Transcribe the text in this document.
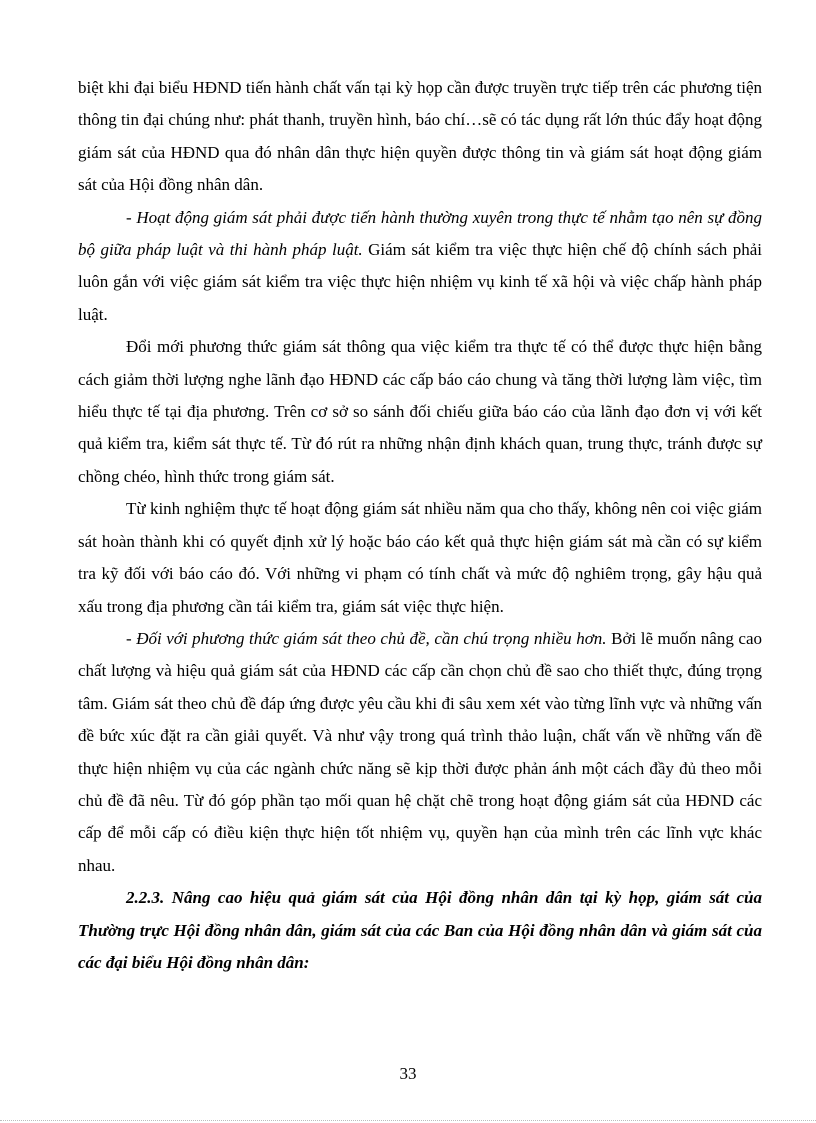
biệt khi đại biểu HĐND tiến hành chất vấn tại kỳ họp cần được truyền trực tiếp trên các phương tiện thông tin đại chúng như: phát thanh, truyền hình, báo chí…sẽ có tác dụng rất lớn thúc đẩy hoạt động giám sát của HĐND qua đó nhân dân thực hiện quyền được thông tin và giám sát hoạt động giám sát của Hội đồng nhân dân.

- Hoạt động giám sát phải được tiến hành thường xuyên trong thực tế nhằm tạo nên sự đồng bộ giữa pháp luật và thi hành pháp luật. Giám sát kiểm tra việc thực hiện chế độ chính sách phải luôn gắn với việc giám sát kiểm tra việc thực hiện nhiệm vụ kinh tế xã hội và việc chấp hành pháp luật.

Đổi mới phương thức giám sát thông qua việc kiểm tra thực tế có thể được thực hiện bằng cách giảm thời lượng nghe lãnh đạo HĐND các cấp báo cáo chung và tăng thời lượng làm việc, tìm hiểu thực tế tại địa phương. Trên cơ sở so sánh đối chiếu giữa báo cáo của lãnh đạo đơn vị với kết quả kiểm tra, kiểm sát thực tế. Từ đó rút ra những nhận định khách quan, trung thực, tránh được sự chồng chéo, hình thức trong giám sát.

Từ kinh nghiệm thực tế hoạt động giám sát nhiều năm qua cho thấy, không nên coi việc giám sát hoàn thành khi có quyết định xử lý hoặc báo cáo kết quả thực hiện giám sát mà cần có sự kiểm tra kỹ đối với báo cáo đó. Với những vi phạm có tính chất và mức độ nghiêm trọng, gây hậu quả xấu trong địa phương cần tái kiểm tra, giám sát việc thực hiện.

- Đối với phương thức giám sát theo chủ đề, cần chú trọng nhiều hơn. Bởi lẽ muốn nâng cao chất lượng và hiệu quả giám sát của HĐND các cấp cần chọn chủ đề sao cho thiết thực, đúng trọng tâm. Giám sát theo chủ đề đáp ứng được yêu cầu khi đi sâu xem xét vào từng lĩnh vực và những vấn đề bức xúc đặt ra cần giải quyết. Và như vậy trong quá trình thảo luận, chất vấn về những vấn đề thực hiện nhiệm vụ của các ngành chức năng sẽ kịp thời được phản ánh một cách đầy đủ theo mỗi chủ đề đã nêu. Từ đó góp phần tạo mối quan hệ chặt chẽ trong hoạt động giám sát của HĐND các cấp để mỗi cấp có điều kiện thực hiện tốt nhiệm vụ, quyền hạn của mình trên các lĩnh vực khác nhau.

2.2.3. Nâng cao hiệu quả giám sát của Hội đồng nhân dân tại kỳ họp, giám sát của Thường trực Hội đồng nhân dân, giám sát của các Ban của Hội đồng nhân dân và giám sát của các đại biểu Hội đồng nhân dân:

33
